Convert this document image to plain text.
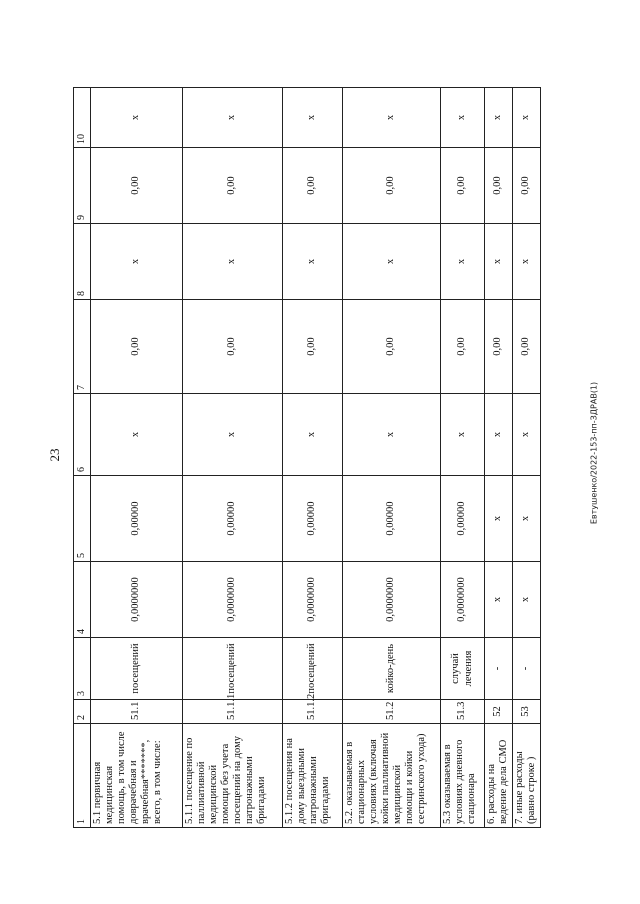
23	Евтушенко/2022-153-пп-ЗДРАВ(1)
1	2	3	4	5	6	7	8	9	10
5.1 первичная медицинская помощь, в том числе доврачебная и врачебная*******, всего, в том числе:	51.1	посещений	0,0000000	0,00000	x	0,00	x	0,00	x
5.1.1 посещение по паллиативной медицинской помощи без учета посещений на дому патронажными бригадами	51.1.1	посещений	0,0000000	0,00000	x	0,00	x	0,00	x
5.1.2 посещения на дому выездными патронажными бригадами	51.1.2	посещений	0,0000000	0,00000	x	0,00	x	0,00	x
5.2. оказываемая в стационарных условиях (включая койки паллиативной медицинской помощи и койки сестринского ухода)	51.2	койко-день	0,0000000	0,00000	x	0,00	x	0,00	x
5.3 оказываемая в условиях дневного стационара	51.3	случай лечения	0,0000000	0,00000	x	0,00	x	0,00	x
6. расходы на ведение дела СМО	52	-	x	x	x	0,00	x	0,00	x
7. иные расходы (равно строке )	53	-	x	x	x	0,00	x	0,00	x
